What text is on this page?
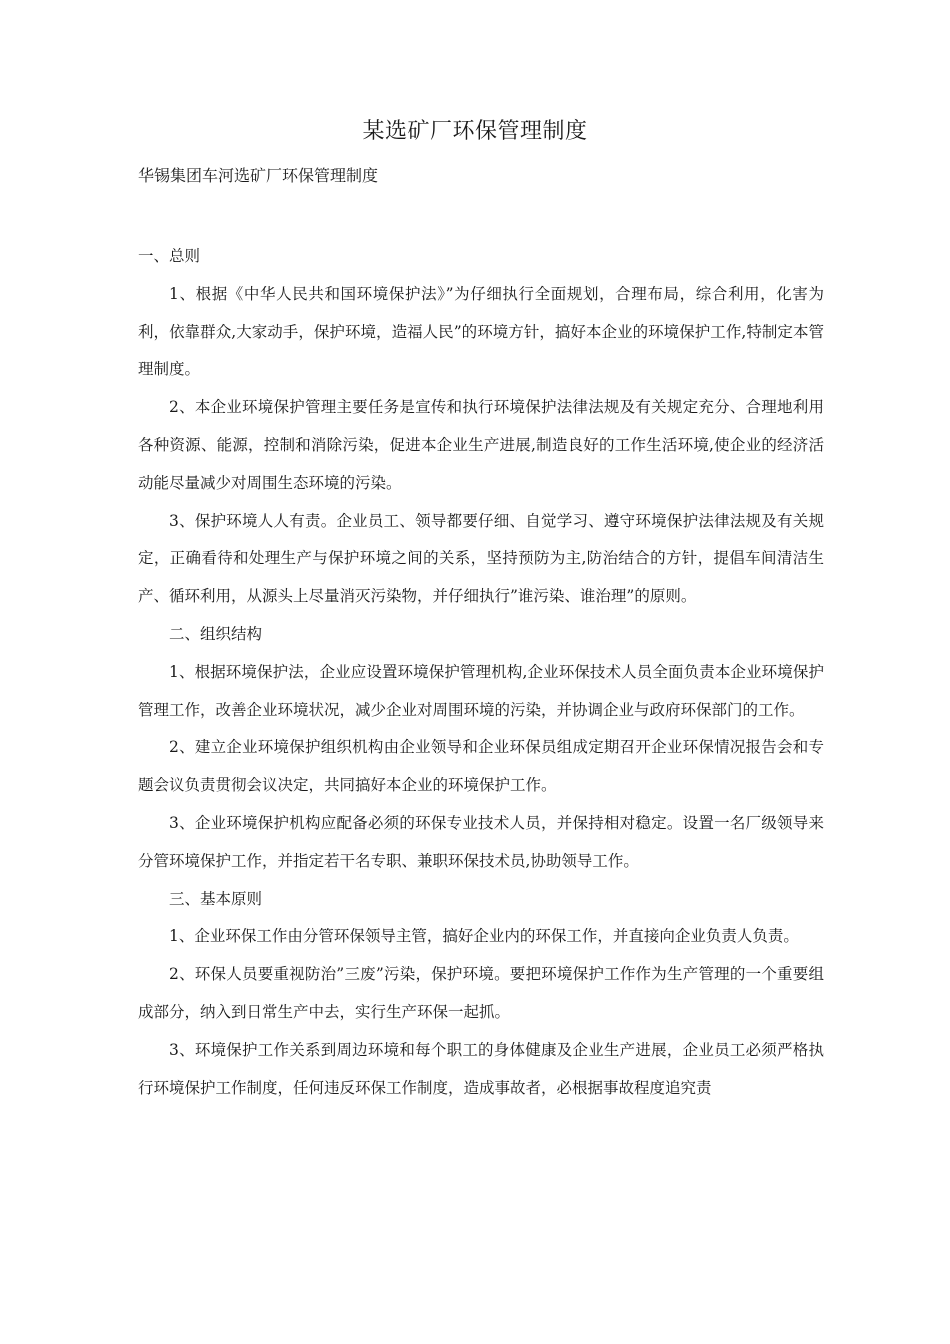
某选矿厂环保管理制度
华锡集团车河选矿厂环保管理制度

一、总则

1、根据《中华人民共和国环境保护法》”为仔细执行全面规划，合理布局，综合利用，化害为利，依靠群众,大家动手，保护环境，造福人民”的环境方针，搞好本企业的环境保护工作,特制定本管理制度。

2、本企业环境保护管理主要任务是宣传和执行环境保护法律法规及有关规定充分、合理地利用各种资源、能源，控制和消除污染，促进本企业生产进展,制造良好的工作生活环境,使企业的经济活动能尽量减少对周围生态环境的污染。

3、保护环境人人有责。企业员工、领导都要仔细、自觉学习、遵守环境保护法律法规及有关规定，正确看待和处理生产与保护环境之间的关系，坚持预防为主,防治结合的方针，提倡车间清洁生产、循环利用，从源头上尽量消灭污染物，并仔细执行”谁污染、谁治理”的原则。

二、组织结构

1、根据环境保护法，企业应设置环境保护管理机构,企业环保技术人员全面负责本企业环境保护管理工作，改善企业环境状况，减少企业对周围环境的污染，并协调企业与政府环保部门的工作。

2、建立企业环境保护组织机构由企业领导和企业环保员组成定期召开企业环保情况报告会和专题会议负责贯彻会议决定，共同搞好本企业的环境保护工作。

3、企业环境保护机构应配备必须的环保专业技术人员，并保持相对稳定。设置一名厂级领导来分管环境保护工作，并指定若干名专职、兼职环保技术员,协助领导工作。

三、基本原则

1、企业环保工作由分管环保领导主管，搞好企业内的环保工作，并直接向企业负责人负责。

2、环保人员要重视防治”三废”污染，保护环境。要把环境保护工作作为生产管理的一个重要组成部分，纳入到日常生产中去，实行生产环保一起抓。

3、环境保护工作关系到周边环境和每个职工的身体健康及企业生产进展，企业员工必须严格执行环境保护工作制度，任何违反环保工作制度，造成事故者，必根据事故程度追究责
